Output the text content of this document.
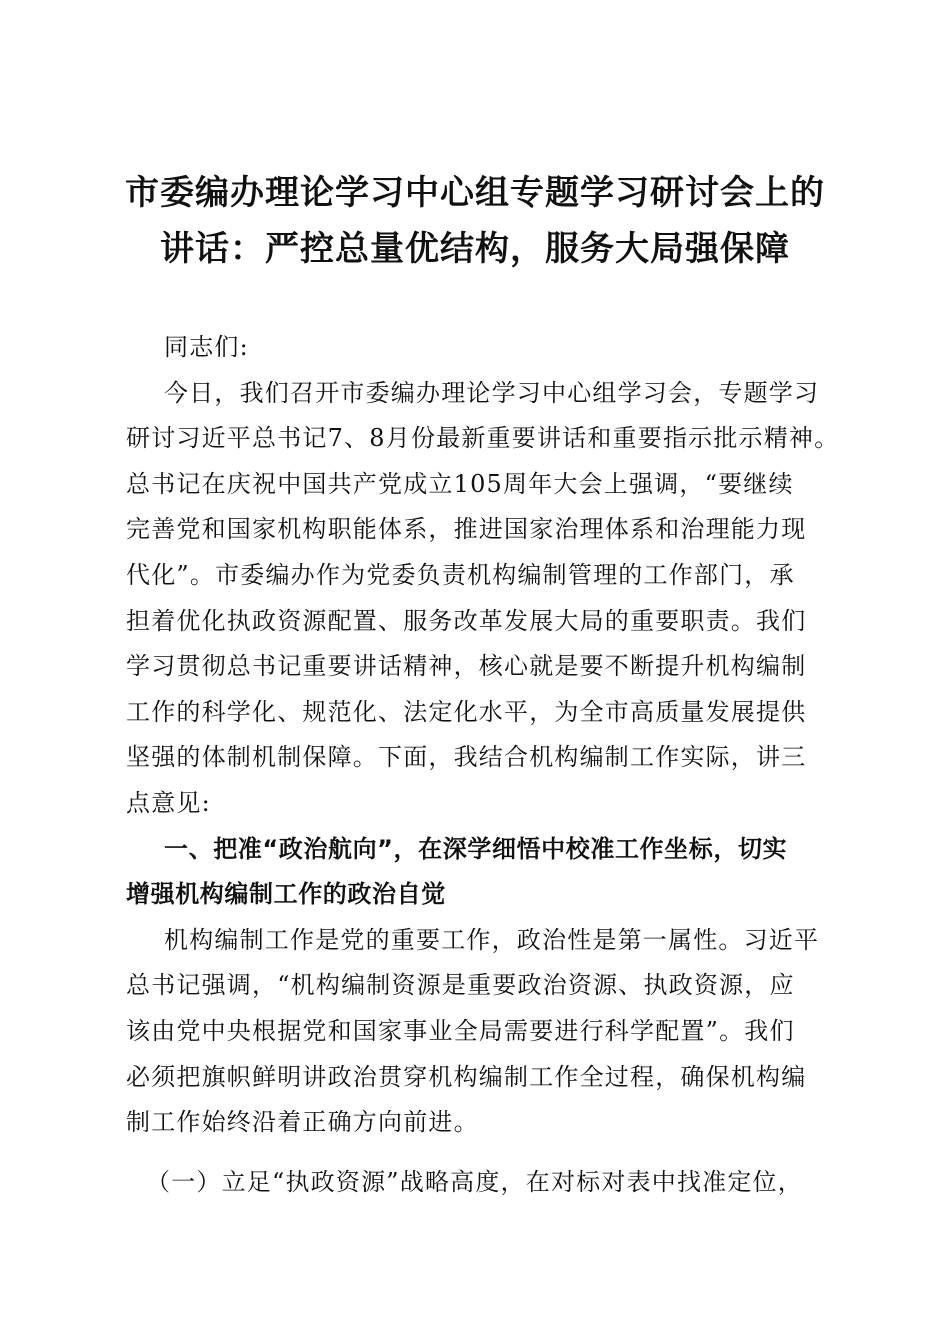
市委编办理论学习中心组专题学习研讨会上的
讲话：严控总量优结构，服务大局强保障
同志们:
今日，我们召开市委编办理论学习中心组学习会，专题学习
研讨习近平总书记7、8月份最新重要讲话和重要指示批示精神。
总书记在庆祝中国共产党成立105周年大会上强调，“要继续
完善党和国家机构职能体系，推进国家治理体系和治理能力现
代化”。市委编办作为党委负责机构编制管理的工作部门，承
担着优化执政资源配置、服务改革发展大局的重要职责。我们
学习贯彻总书记重要讲话精神，核心就是要不断提升机构编制
工作的科学化、规范化、法定化水平，为全市高质量发展提供
坚强的体制机制保障。下面，我结合机构编制工作实际，讲三
点意见:
一、把准“政治航向”，在深学细悟中校准工作坐标，切实
增强机构编制工作的政治自觉
机构编制工作是党的重要工作，政治性是第一属性。习近平
总书记强调，“机构编制资源是重要政治资源、执政资源，应
该由党中央根据党和国家事业全局需要进行科学配置”。我们
必须把旗帜鲜明讲政治贯穿机构编制工作全过程，确保机构编
制工作始终沿着正确方向前进。
（一）立足“执政资源”战略高度，在对标对表中找准定位，
